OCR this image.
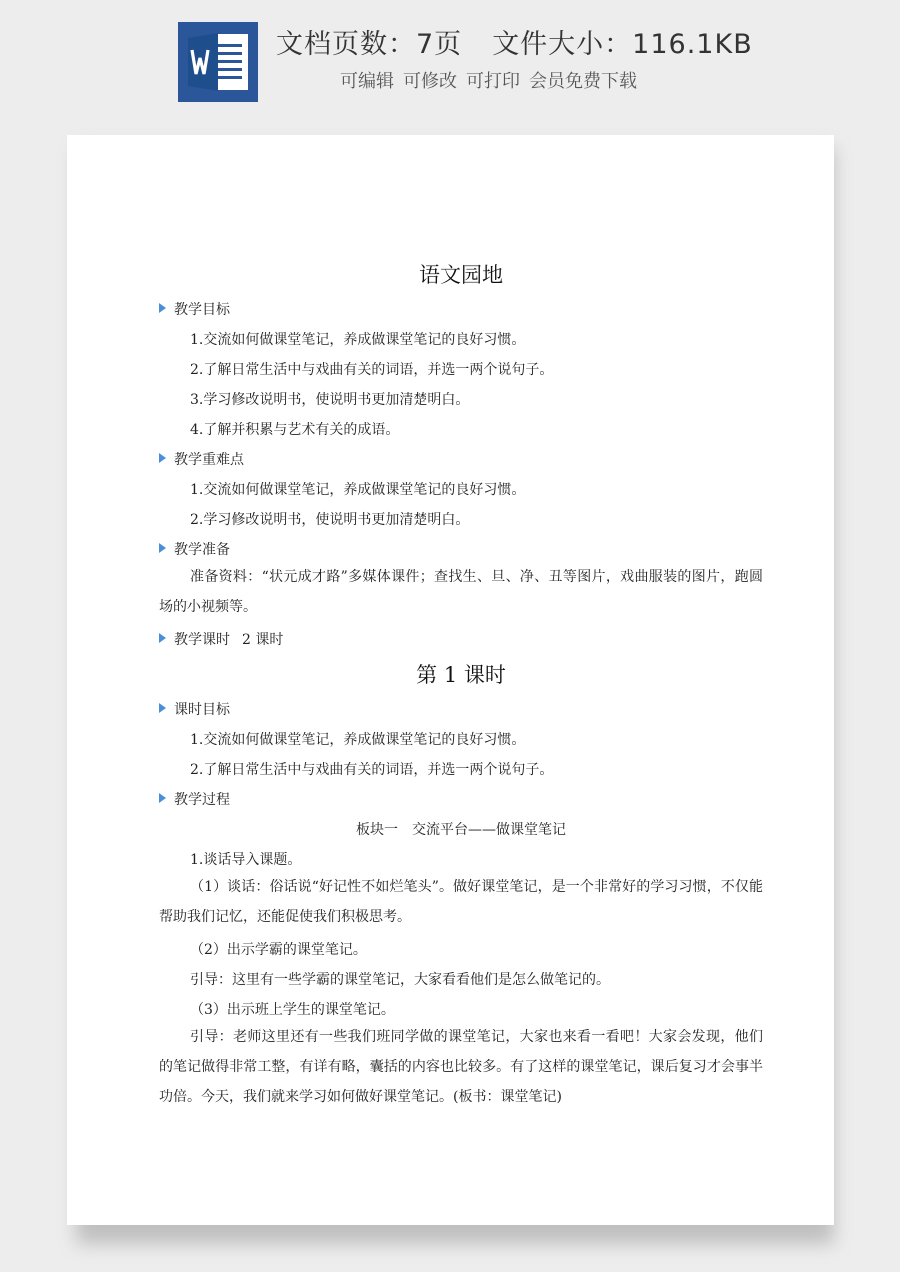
文档页数：7页 文件大小：116.1KB
可编辑 可修改 可打印 会员免费下载
语文园地
教学目标
1.交流如何做课堂笔记，养成做课堂笔记的良好习惯。
2.了解日常生活中与戏曲有关的词语，并选一两个说句子。
3.学习修改说明书，使说明书更加清楚明白。
4.了解并积累与艺术有关的成语。
教学重难点
1.交流如何做课堂笔记，养成做课堂笔记的良好习惯。
2.学习修改说明书，使说明书更加清楚明白。
教学准备
准备资料：“状元成才路”多媒体课件；查找生、旦、净、丑等图片，戏曲服装的图片，跑圆场的小视频等。
教学课时 2 课时
第 1 课时
课时目标
1.交流如何做课堂笔记，养成做课堂笔记的良好习惯。
2.了解日常生活中与戏曲有关的词语，并选一两个说句子。
教学过程
板块一　交流平台——做课堂笔记
1.谈话导入课题。
（1）谈话：俗话说“好记性不如烂笔头”。做好课堂笔记，是一个非常好的学习习惯，不仅能帮助我们记忆，还能促使我们积极思考。
（2）出示学霸的课堂笔记。
引导：这里有一些学霸的课堂笔记，大家看看他们是怎么做笔记的。
（3）出示班上学生的课堂笔记。
引导：老师这里还有一些我们班同学做的课堂笔记，大家也来看一看吧！大家会发现，他们的笔记做得非常工整，有详有略，囊括的内容也比较多。有了这样的课堂笔记，课后复习才会事半功倍。今天，我们就来学习如何做好课堂笔记。(板书：课堂笔记)
